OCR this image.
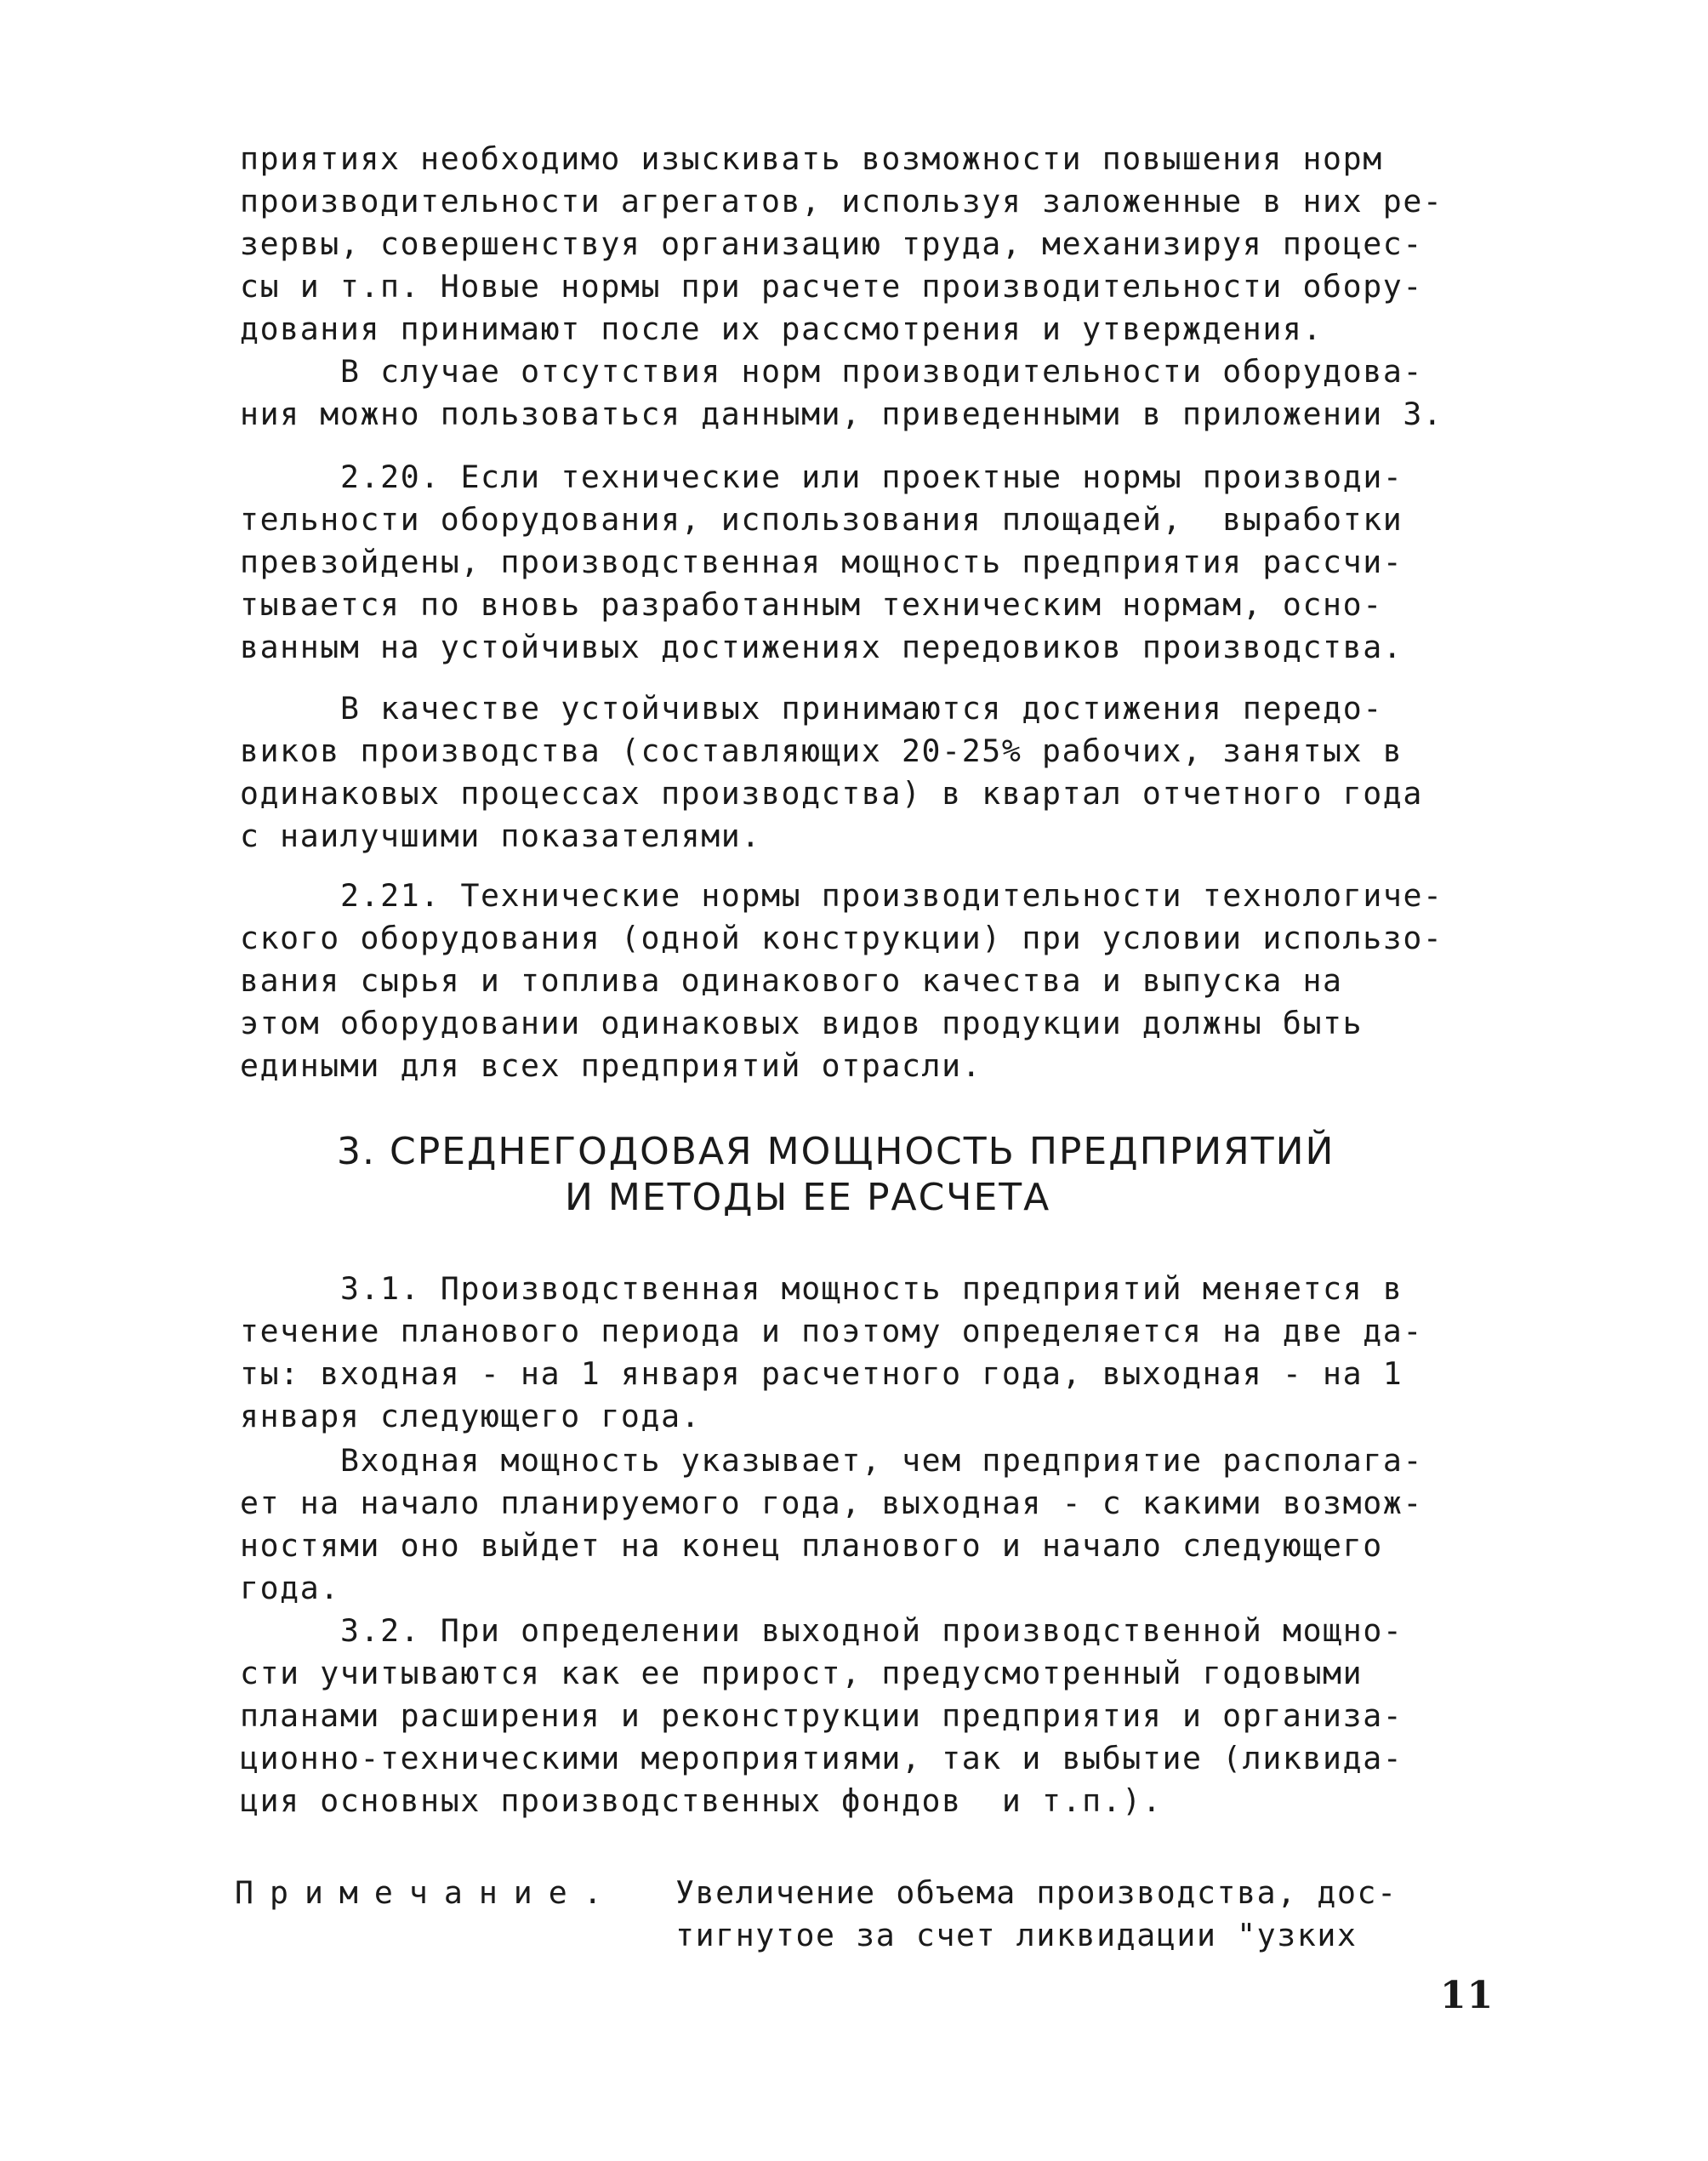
приятиях необходимо изыскивать возможности повышения норм
производительности агрегатов, используя заложенные в них ре-
зервы, совершенствуя организацию труда, механизируя процес-
сы и т.п. Новые нормы при расчете производительности обору-
дования принимают после их рассмотрения и утверждения.
В случае отсутствия норм производительности оборудова-
ния можно пользоваться данными, приведенными в приложении 3.
2.20. Если технические или проектные нормы производи-
тельности оборудования, использования площадей,  выработки
превзойдены, производственная мощность предприятия рассчи-
тывается по вновь разработанным техническим нормам, осно-
ванным на устойчивых достижениях передовиков производства.
В качестве устойчивых принимаются достижения передо-
виков производства (составляющих 20-25% рабочих, занятых в
одинаковых процессах производства) в квартал отчетного года
с наилучшими показателями.
2.21. Технические нормы производительности технологиче-
ского оборудования (одной конструкции) при условии использо-
вания сырья и топлива одинакового качества и выпуска на
этом оборудовании одинаковых видов продукции должны быть
едиными для всех предприятий отрасли.
3. СРЕДНЕГОДОВАЯ МОЩНОСТЬ ПРЕДПРИЯТИЙ
И МЕТОДЫ ЕЕ РАСЧЕТА
3.1. Производственная мощность предприятий меняется в
течение планового периода и поэтому определяется на две да-
ты: входная - на 1 января расчетного года, выходная - на 1
января следующего года.
Входная мощность указывает, чем предприятие располага-
ет на начало планируемого года, выходная - с какими возмож-
ностями оно выйдет на конец планового и начало следующего
года.
3.2. При определении выходной производственной мощно-
сти учитываются как ее прирост, предусмотренный годовыми
планами расширения и реконструкции предприятия и организа-
ционно-техническими мероприятиями, так и выбытие (ликвида-
ция основных производственных фондов  и т.п.).
Примечание. Увеличение объема производства, дос-
тигнутое за счет ликвидации "узких
11
